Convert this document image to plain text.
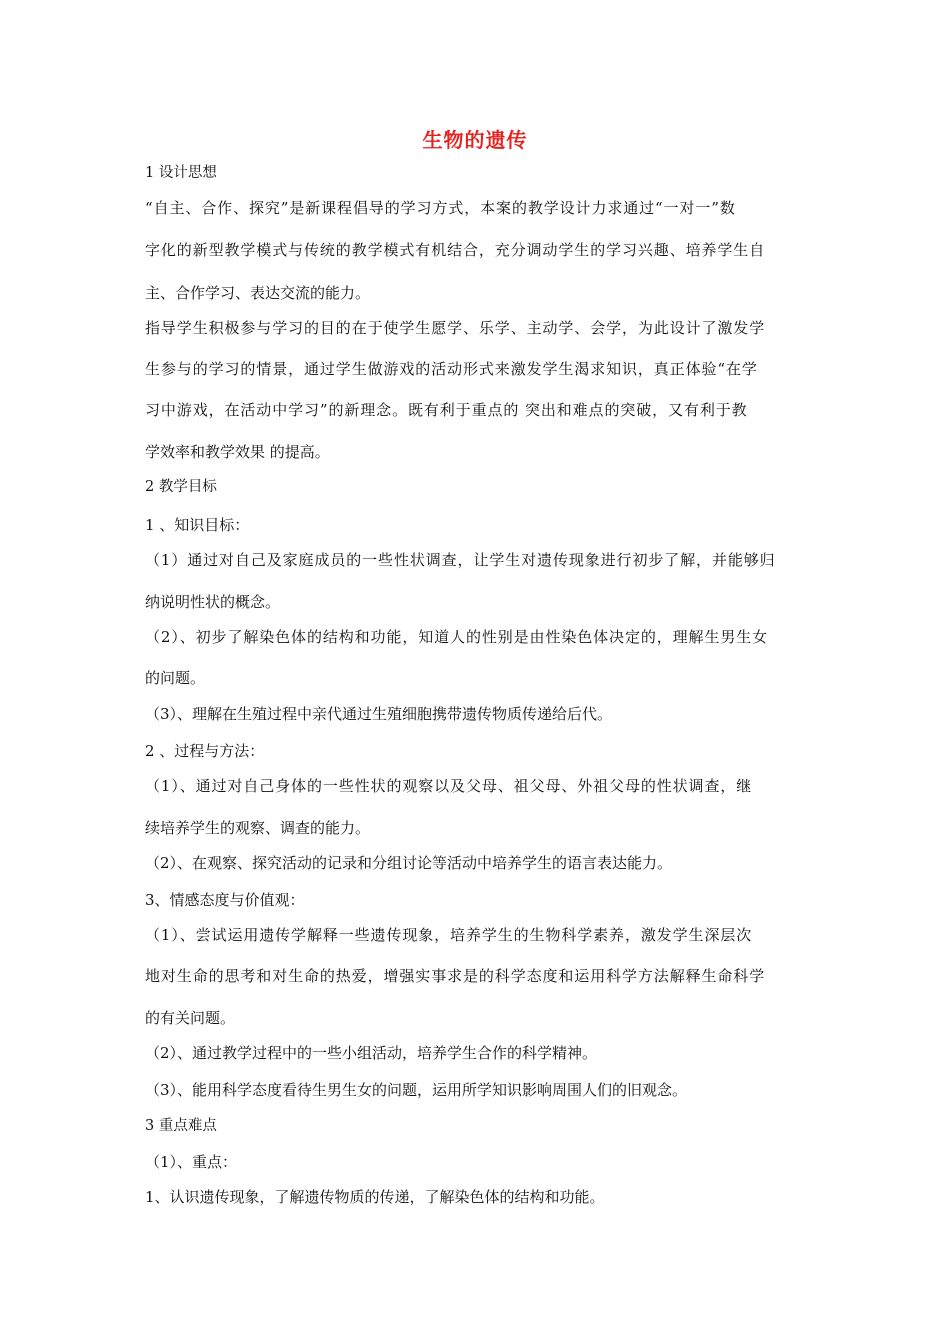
生物的遗传
1 设计思想
“自主、合作、探究”是新课程倡导的学习方式，本案的教学设计力求通过“一对一”数
字化的新型教学模式与传统的教学模式有机结合，充分调动学生的学习兴趣、培养学生自
主、合作学习、表达交流的能力。
指导学生积极参与学习的目的在于使学生愿学、乐学、主动学、会学，为此设计了激发学
生参与的学习的情景，通过学生做游戏的活动形式来激发学生渴求知识，真正体验“在学
习中游戏，在活动中学习”的新理念。既有利于重点的 突出和难点的突破，又有利于教
学效率和教学效果 的提高。
2 教学目标
1 、知识目标：
（1）通过对自己及家庭成员的一些性状调查，让学生对遗传现象进行初步了解，并能够归
纳说明性状的概念。
（2）、初步了解染色体的结构和功能，知道人的性别是由性染色体决定的，理解生男生女
的问题。
（3）、理解在生殖过程中亲代通过生殖细胞携带遗传物质传递给后代。
2 、过程与方法：
（1）、通过对自己身体的一些性状的观察以及父母、祖父母、外祖父母的性状调查，继
续培养学生的观察、调查的能力。
（2）、在观察、探究活动的记录和分组讨论等活动中培养学生的语言表达能力。
3、情感态度与价值观：
（1）、尝试运用遗传学解释一些遗传现象，培养学生的生物科学素养，激发学生深层次
地对生命的思考和对生命的热爱，增强实事求是的科学态度和运用科学方法解释生命科学
的有关问题。
（2）、通过教学过程中的一些小组活动，培养学生合作的科学精神。
（3）、能用科学态度看待生男生女的问题，运用所学知识影响周围人们的旧观念。
3 重点难点
（1）、重点：
1、认识遗传现象，了解遗传物质的传递，了解染色体的结构和功能。
